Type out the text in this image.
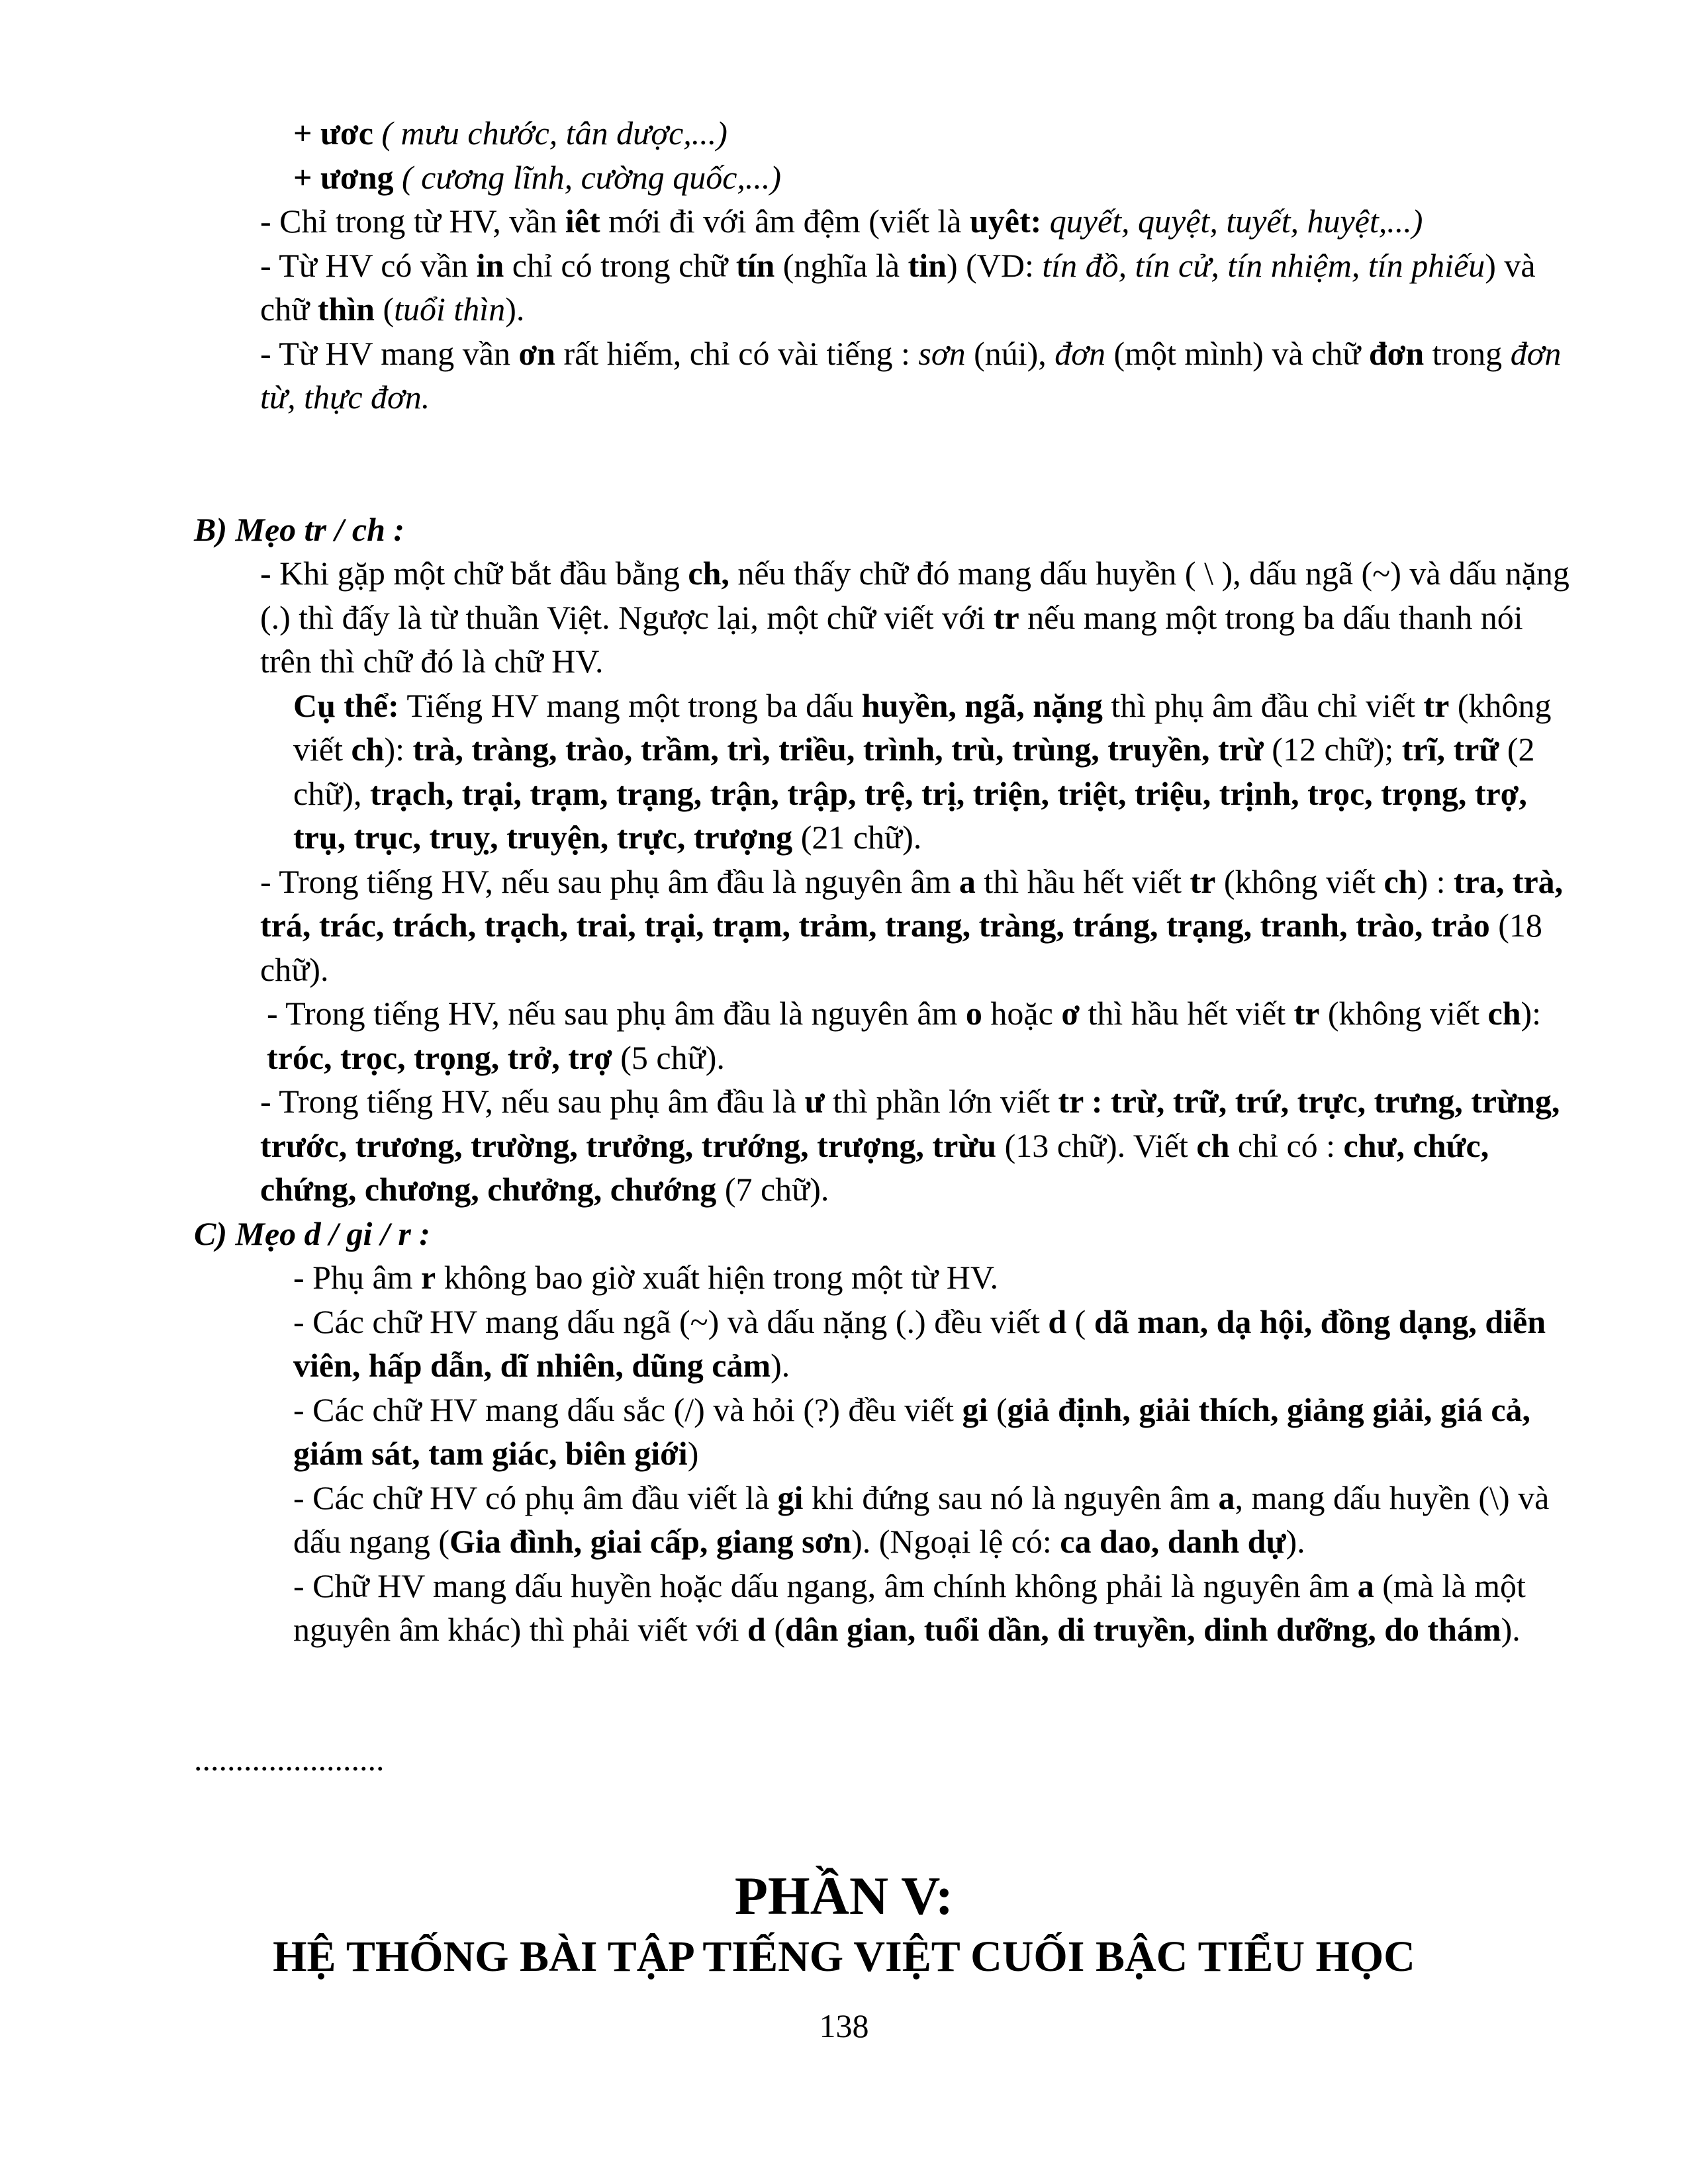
+ ươc ( mưu chước, tân dược,...)

+ ương ( cương lĩnh, cường quốc,...)

- Chỉ trong từ HV, vần iêt mới đi với âm đệm (viết là uyêt: quyết, quyệt, tuyết, huyệt,...)

- Từ HV có vần in chỉ có trong chữ tín (nghĩa là tin) (VD: tín đồ, tín cử, tín nhiệm, tín phiếu) và chữ thìn (tuổi thìn).

- Từ HV mang vần ơn rất hiếm, chỉ có vài tiếng : sơn (núi), đơn (một mình) và chữ đơn trong đơn từ, thực đơn.

B) Mẹo tr / ch :

- Khi gặp một chữ bắt đầu bằng ch, nếu thấy chữ đó mang dấu huyền ( \ ), dấu ngã (~) và dấu nặng (.) thì đấy là từ thuần Việt. Ngược lại, một chữ viết với tr nếu mang một trong ba dấu thanh nói trên thì chữ đó là chữ HV.

Cụ thể: Tiếng HV mang một trong ba dấu huyền, ngã, nặng thì phụ âm đầu chỉ viết tr (không viết ch): trà, tràng, trào, trầm, trì, triều, trình, trù, trùng, truyền, trừ (12 chữ); trĩ, trữ (2 chữ), trạch, trại, trạm, trạng, trận, trập, trệ, trị, triện, triệt, triệu, trịnh, trọc, trọng, trợ, trụ, trục, truỵ, truyện, trực, trượng (21 chữ).

- Trong tiếng HV, nếu sau phụ âm đầu là nguyên âm a thì hầu hết viết tr (không viết ch) : tra, trà, trá, trác, trách, trạch, trai, trại, trạm, trảm, trang, tràng, tráng, trạng, tranh, trào, trảo (18 chữ).

- Trong tiếng HV, nếu sau phụ âm đầu là nguyên âm o hoặc ơ thì hầu hết viết tr (không viết ch): tróc, trọc, trọng, trở, trợ (5 chữ).

- Trong tiếng HV, nếu sau phụ âm đầu là ư thì phần lớn viết tr : trừ, trữ, trứ, trực, trưng, trừng, trước, trương, trường, trưởng, trướng, trượng, trừu (13 chữ). Viết ch chỉ có : chư, chức, chứng, chương, chưởng, chướng (7 chữ).

C) Mẹo d / gi / r :

- Phụ âm r không bao giờ xuất hiện trong một từ HV.

- Các chữ HV mang dấu ngã (~) và dấu nặng (.) đều viết d ( dã man, dạ hội, đồng dạng, diễn viên, hấp dẫn, dĩ nhiên, dũng cảm).

- Các chữ HV mang dấu sắc (/) và hỏi (?) đều viết gi (giả định, giải thích, giảng giải, giá cả, giám sát, tam giác, biên giới)

- Các chữ HV có phụ âm đầu viết là gi khi đứng sau nó là nguyên âm a, mang dấu huyền (\) và dấu ngang (Gia đình, giai cấp, giang sơn). (Ngoại lệ có: ca dao, danh dự).

- Chữ HV mang dấu huyền hoặc dấu ngang, âm chính không phải là nguyên âm a (mà là một nguyên âm khác) thì phải viết với d (dân gian, tuổi dần, di truyền, dinh dưỡng, do thám).

.......................
PHẦN V:
HỆ THỐNG BÀI TẬP TIẾNG VIỆT CUỐI BẬC TIỂU HỌC
138
